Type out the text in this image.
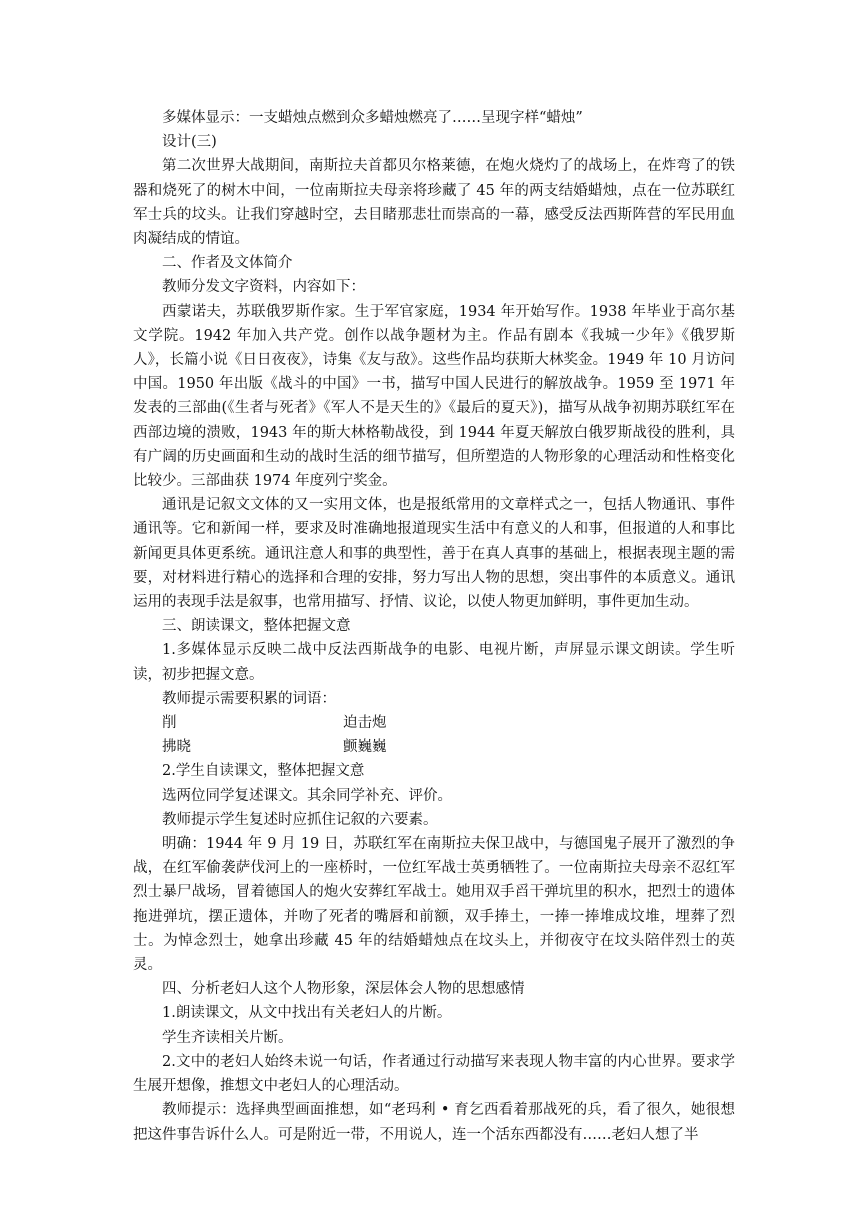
多媒体显示：一支蜡烛点燃到众多蜡烛燃亮了……呈现字样“蜡烛”

设计(三)

第二次世界大战期间，南斯拉夫首都贝尔格莱德，在炮火烧灼了的战场上，在炸弯了的铁器和烧死了的树木中间，一位南斯拉夫母亲将珍藏了 45 年的两支结婚蜡烛，点在一位苏联红军士兵的坟头。让我们穿越时空，去目睹那悲壮而崇高的一幕，感受反法西斯阵营的军民用血肉凝结成的情谊。

二、作者及文体简介

教师分发文字资料，内容如下：

西蒙诺夫，苏联俄罗斯作家。生于军官家庭，1934 年开始写作。1938 年毕业于高尔基文学院。1942 年加入共产党。创作以战争题材为主。作品有剧本《我城一少年》《俄罗斯人》，长篇小说《日日夜夜》，诗集《友与敌》。这些作品均获斯大林奖金。1949 年 10 月访问中国。1950 年出版《战斗的中国》一书，描写中国人民进行的解放战争。1959 至 1971 年发表的三部曲(《生者与死者》《军人不是天生的》《最后的夏天》)，描写从战争初期苏联红军在西部边境的溃败，1943 年的斯大林格勒战役，到 1944 年夏天解放白俄罗斯战役的胜利，具有广阔的历史画面和生动的战时生活的细节描写，但所塑造的人物形象的心理活动和性格变化比较少。三部曲获 1974 年度列宁奖金。

通讯是记叙文文体的又一实用文体，也是报纸常用的文章样式之一，包括人物通讯、事件通讯等。它和新闻一样，要求及时准确地报道现实生活中有意义的人和事，但报道的人和事比新闻更具体更系统。通讯注意人和事的典型性，善于在真人真事的基础上，根据表现主题的需要，对材料进行精心的选择和合理的安排，努力写出人物的思想，突出事件的本质意义。通讯运用的表现手法是叙事，也常用描写、抒情、议论，以使人物更加鲜明，事件更加生动。

三、朗读课文，整体把握文意

1.多媒体显示反映二战中反法西斯战争的电影、电视片断，声屏显示课文朗读。学生听读，初步把握文意。

教师提示需要积累的词语：

削	迫击炮
拂晓	颤巍巍

2.学生自读课文，整体把握文意

选两位同学复述课文。其余同学补充、评价。

教师提示学生复述时应抓住记叙的六要素。

明确：1944 年 9 月 19 日，苏联红军在南斯拉夫保卫战中，与德国鬼子展开了激烈的争战，在红军偷袭萨伐河上的一座桥时，一位红军战士英勇牺牲了。一位南斯拉夫母亲不忍红军烈士暴尸战场，冒着德国人的炮火安葬红军战士。她用双手舀干弹坑里的积水，把烈士的遗体拖进弹坑，摆正遗体，并吻了死者的嘴唇和前额，双手捧土，一捧一捧堆成坟堆，埋葬了烈士。为悼念烈士，她拿出珍藏 45 年的结婚蜡烛点在坟头上，并彻夜守在坟头陪伴烈士的英灵。

四、分析老妇人这个人物形象，深层体会人物的思想感情

1.朗读课文，从文中找出有关老妇人的片断。

学生齐读相关片断。

2.文中的老妇人始终未说一句话，作者通过行动描写来表现人物丰富的内心世界。要求学生展开想像，推想文中老妇人的心理活动。

教师提示：选择典型画面推想，如“老玛利 • 育乞西看着那战死的兵，看了很久，她很想把这件事告诉什么人。可是附近一带，不用说人，连一个活东西都没有……老妇人想了半
